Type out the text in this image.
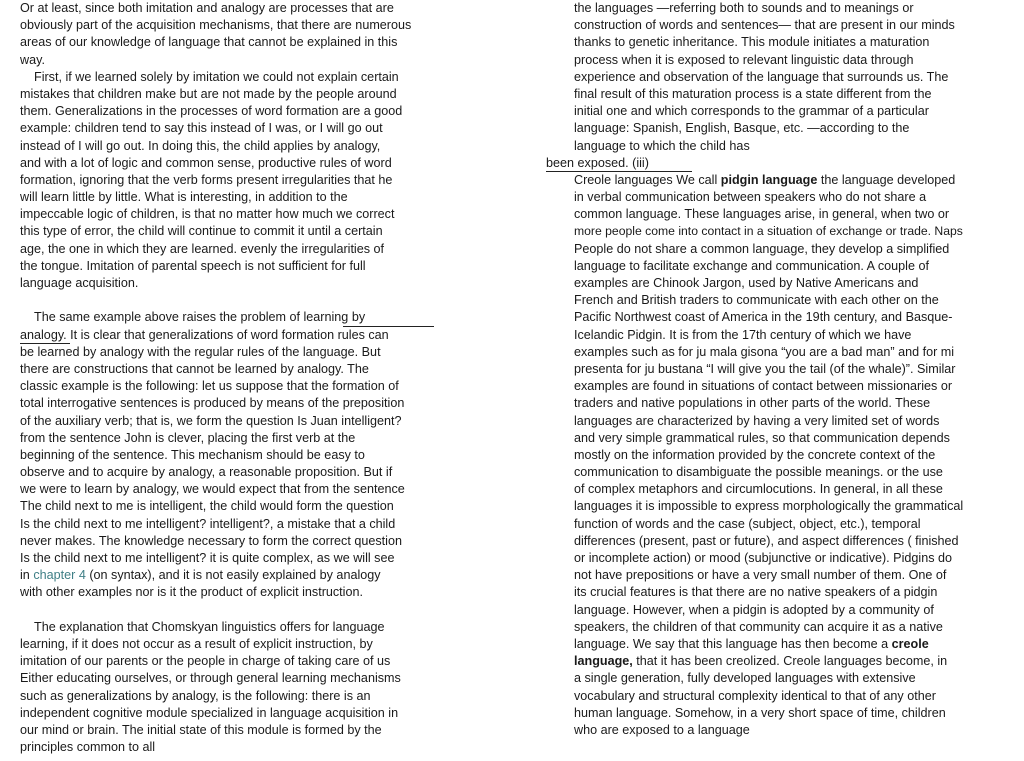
Or at least, since both imitation and analogy are processes that are
obviously part of the acquisition mechanisms, that there are numerous
areas of our knowledge of language that cannot be explained in this
way.
First, if we learned solely by imitation we could not explain certain
mistakes that children make but are not made by the people around
them. Generalizations in the processes of word formation are a good
example: children tend to say this instead of I was, or I will go out
instead of I will go out. In doing this, the child applies by analogy,
and with a lot of logic and common sense, productive rules of word
formation, ignoring that the verb forms present irregularities that he
will learn little by little. What is interesting, in addition to the
impeccable logic of children, is that no matter how much we correct
this type of error, the child will continue to commit it until a certain
age, the one in which they are learned. evenly the irregularities of
the tongue. Imitation of parental speech is not sufficient for full
language acquisition.
The same example above raises the problem of learning by
analogy. It is clear that generalizations of word formation rules can
be learned by analogy with the regular rules of the language. But
there are constructions that cannot be learned by analogy. The
classic example is the following: let us suppose that the formation of
total interrogative sentences is produced by means of the preposition
of the auxiliary verb; that is, we form the question Is Juan intelligent?
from the sentence John is clever, placing the first verb at the
beginning of the sentence. This mechanism should be easy to
observe and to acquire by analogy, a reasonable proposition. But if
we were to learn by analogy, we would expect that from the sentence
The child next to me is intelligent, the child would form the question
Is the child next to me intelligent? intelligent?, a mistake that a child
never makes. The knowledge necessary to form the correct question
Is the child next to me intelligent? it is quite complex, as we will see
in chapter 4 (on syntax), and it is not easily explained by analogy
with other examples nor is it the product of explicit instruction.
The explanation that Chomskyan linguistics offers for language
learning, if it does not occur as a result of explicit instruction, by
imitation of our parents or the people in charge of taking care of us
Either educating ourselves, or through general learning mechanisms
such as generalizations by analogy, is the following: there is an
independent cognitive module specialized in language acquisition in
our mind or brain. The initial state of this module is formed by the
principles common to all
the languages —referring both to sounds and to meanings or
construction of words and sentences— that are present in our minds
thanks to genetic inheritance. This module initiates a maturation
process when it is exposed to relevant linguistic data through
experience and observation of the language that surrounds us. The
final result of this maturation process is a state different from the
initial one and which corresponds to the grammar of a particular
language: Spanish, English, Basque, etc. —according to the
language to which the child has
been exposed. (iii)
Creole languages We call pidgin language the language developed
in verbal communication between speakers who do not share a
common language. These languages arise, in general, when two or
more people come into contact in a situation of exchange or trade. Naps
People do not share a common language, they develop a simplified
language to facilitate exchange and communication. A couple of
examples are Chinook Jargon, used by Native Americans and
French and British traders to communicate with each other on the
Pacific Northwest coast of America in the 19th century, and Basque-
Icelandic Pidgin. It is from the 17th century of which we have
examples such as for ju mala gisona “you are a bad man” and for mi
presenta for ju bustana “I will give you the tail (of the whale)”. Similar
examples are found in situations of contact between missionaries or
traders and native populations in other parts of the world. These
languages are characterized by having a very limited set of words
and very simple grammatical rules, so that communication depends
mostly on the information provided by the concrete context of the
communication to disambiguate the possible meanings. or the use
of complex metaphors and circumlocutions. In general, in all these
languages it is impossible to express morphologically the grammatical
function of words and the case (subject, object, etc.), temporal
differences (present, past or future), and aspect differences ( finished
or incomplete action) or mood (subjunctive or indicative). Pidgins do
not have prepositions or have a very small number of them. One of
its crucial features is that there are no native speakers of a pidgin
language. However, when a pidgin is adopted by a community of
speakers, the children of that community can acquire it as a native
language. We say that this language has then become a creole
language, that it has been creolized. Creole languages become, in
a single generation, fully developed languages with extensive
vocabulary and structural complexity identical to that of any other
human language. Somehow, in a very short space of time, children
who are exposed to a language
